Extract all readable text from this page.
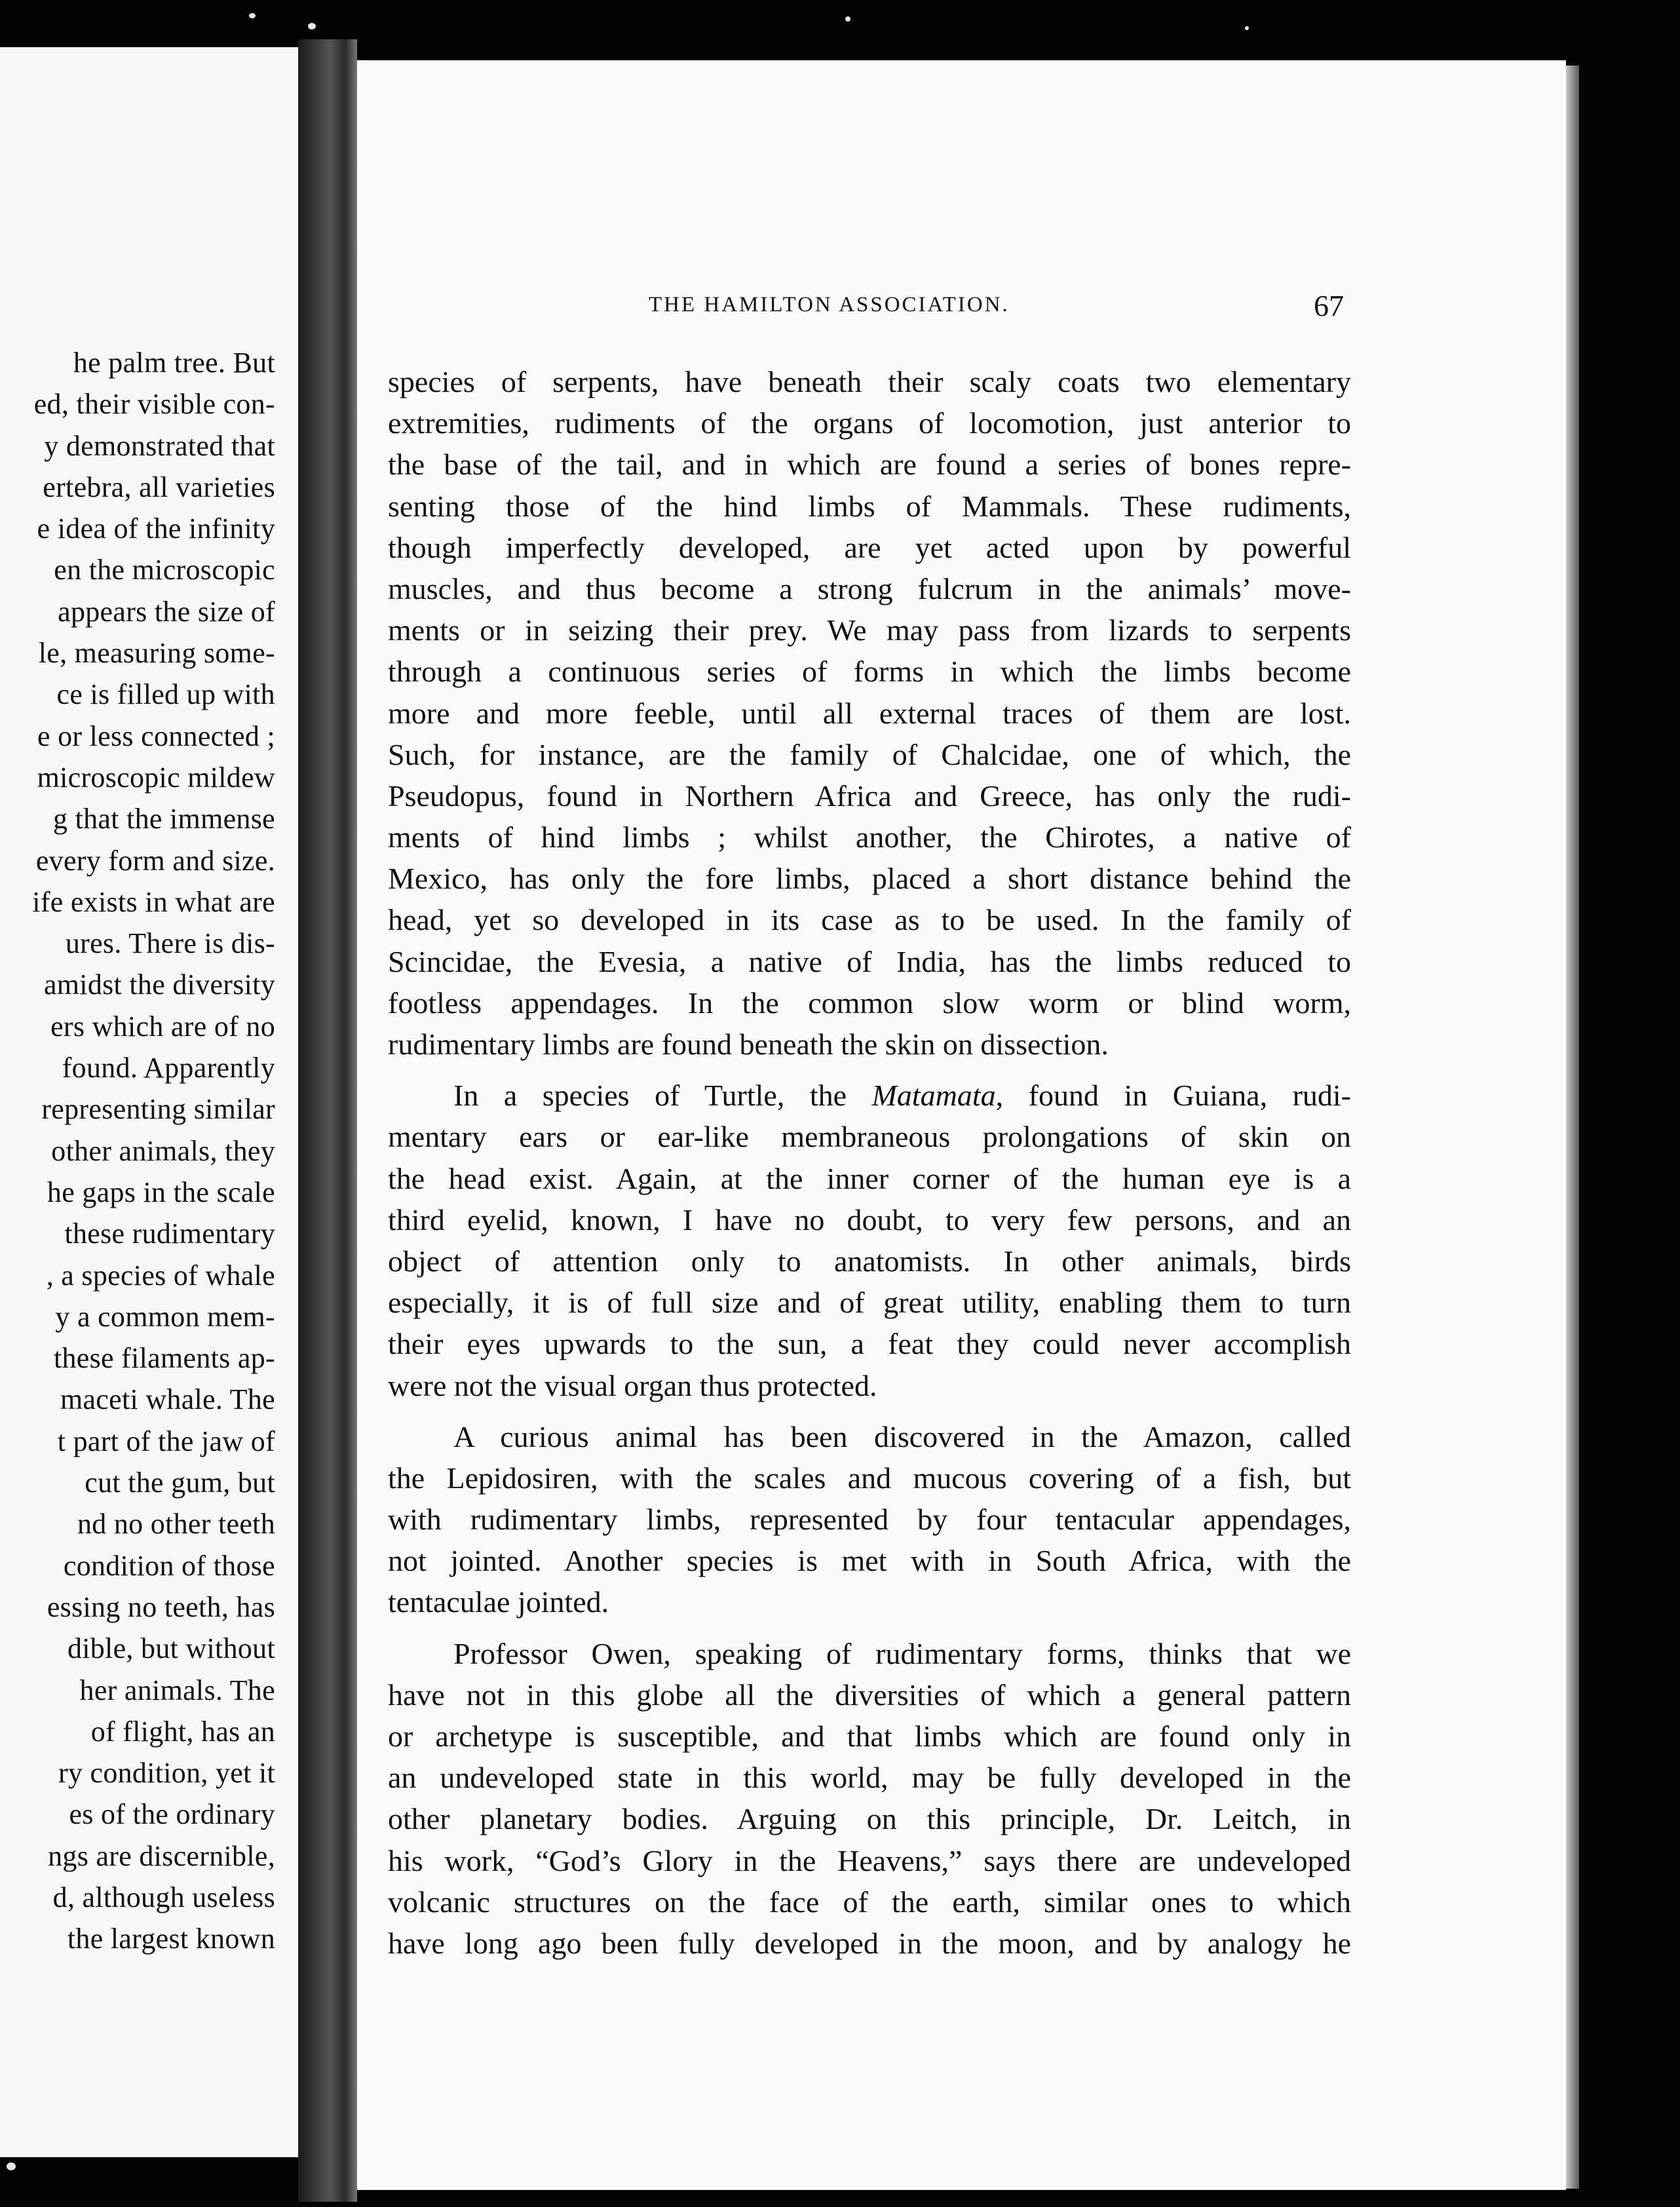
he palm tree. But
ed, their visible con-
y demonstrated that
ertebra, all varieties
e idea of the infinity
en the microscopic
appears the size of
le, measuring some-
ce is filled up with
e or less connected ;
microscopic mildew
g that the immense
every form and size.
ife exists in what are
ures. There is dis-
amidst the diversity
ers which are of no
found. Apparently
representing similar
other animals, they
he gaps in the scale
these rudimentary
, a species of whale
y a common mem-
these filaments ap-
maceti whale. The
t part of the jaw of
cut the gum, but
nd no other teeth
condition of those
essing no teeth, has
dible, but without
her animals. The
of flight, has an
ry condition, yet it
es of the ordinary
ngs are discernible,
d, although useless
the largest known
THE HAMILTON ASSOCIATION.	67
species of serpents, have beneath their scaly coats two elementary
extremities, rudiments of the organs of locomotion, just anterior to
the base of the tail, and in which are found a series of bones repre-
senting those of the hind limbs of Mammals. These rudiments,
though imperfectly developed, are yet acted upon by powerful
muscles, and thus become a strong fulcrum in the animals’ move-
ments or in seizing their prey. We may pass from lizards to serpents
through a continuous series of forms in which the limbs become
more and more feeble, until all external traces of them are lost.
Such, for instance, are the family of Chalcidae, one of which, the
Pseudopus, found in Northern Africa and Greece, has only the rudi-
ments of hind limbs ; whilst another, the Chirotes, a native of
Mexico, has only the fore limbs, placed a short distance behind the
head, yet so developed in its case as to be used. In the family of
Scincidae, the Evesia, a native of India, has the limbs reduced to
footless appendages. In the common slow worm or blind worm,
rudimentary limbs are found beneath the skin on dissection.
In a species of Turtle, the Matamata, found in Guiana, rudi-
mentary ears or ear-like membraneous prolongations of skin on
the head exist. Again, at the inner corner of the human eye is a
third eyelid, known, I have no doubt, to very few persons, and an
object of attention only to anatomists. In other animals, birds
especially, it is of full size and of great utility, enabling them to turn
their eyes upwards to the sun, a feat they could never accomplish
were not the visual organ thus protected.
A curious animal has been discovered in the Amazon, called
the Lepidosiren, with the scales and mucous covering of a fish, but
with rudimentary limbs, represented by four tentacular appendages,
not jointed. Another species is met with in South Africa, with the
tentaculae jointed.
Professor Owen, speaking of rudimentary forms, thinks that we
have not in this globe all the diversities of which a general pattern
or archetype is susceptible, and that limbs which are found only in
an undeveloped state in this world, may be fully developed in the
other planetary bodies. Arguing on this principle, Dr. Leitch, in
his work, “God’s Glory in the Heavens,” says there are undeveloped
volcanic structures on the face of the earth, similar ones to which
have long ago been fully developed in the moon, and by analogy he
